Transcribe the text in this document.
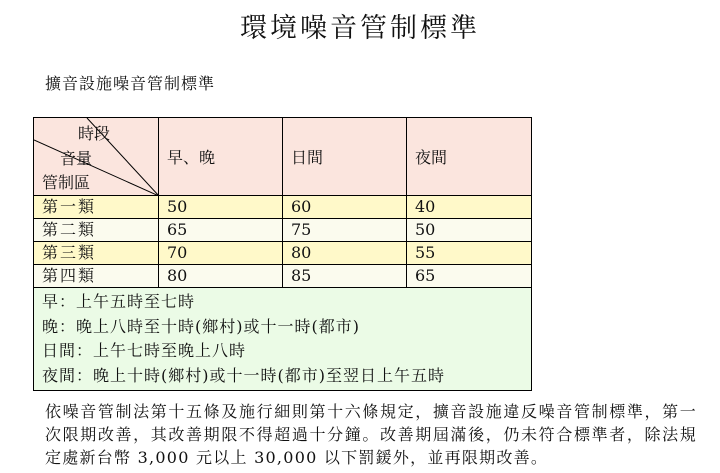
環境噪音管制標準
擴音設施噪音管制標準
時段
音量
管制區	早、晚	日間	夜間
第一類	50	60	40
第二類	65	75	50
第三類	70	80	55
第四類	80	85	65

早：上午五時至七時
晚：晚上八時至十時(鄉村)或十一時(都市)
日間：上午七時至晚上八時
夜間：晚上十時(鄉村)或十一時(都市)至翌日上午五時			
依噪音管制法第十五條及施行細則第十六條規定，擴音設施違反噪音管制標準，第一次限期改善，其改善期限不得超過十分鐘。改善期屆滿後，仍未符合標準者，除法規定處新台幣 3,000 元以上 30,000 以下罰鍰外，並再限期改善。
